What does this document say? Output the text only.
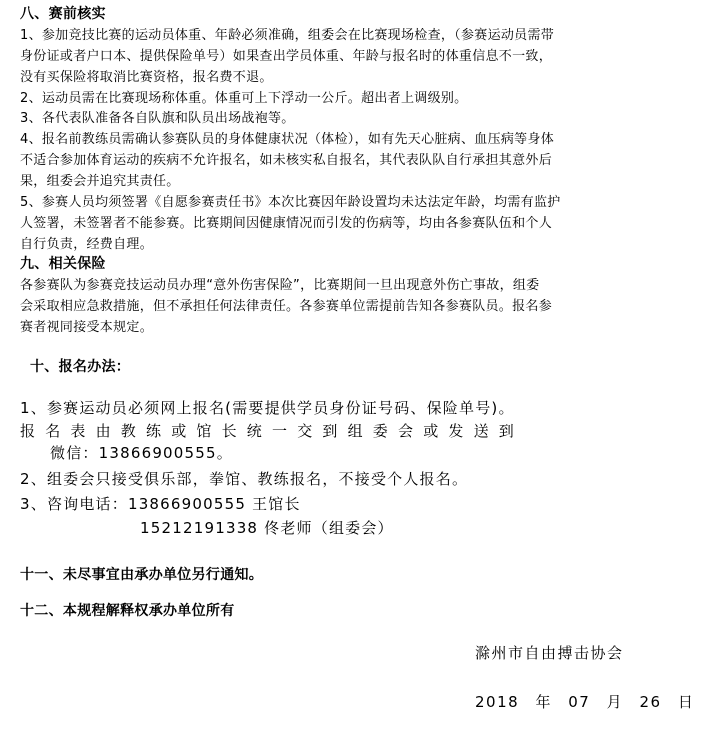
八、赛前核实
1、参加竞技比赛的运动员体重、年龄必须准确，组委会在比赛现场检查，（参赛运动员需带
身份证或者户口本、提供保险单号）如果查出学员体重、年龄与报名时的体重信息不一致，
没有买保险将取消比赛资格，报名费不退。
2、运动员需在比赛现场称体重。体重可上下浮动一公斤。超出者上调级别。
3、各代表队准备各自队旗和队员出场战袍等。
4、报名前教练员需确认参赛队员的身体健康状况（体检），如有先天心脏病、血压病等身体
不适合参加体育运动的疾病不允许报名，如未核实私自报名，其代表队队自行承担其意外后
果，组委会并追究其责任。
5、参赛人员均须签署《自愿参赛责任书》本次比赛因年龄设置均未达法定年龄，均需有监护
人签署，未签署者不能参赛。比赛期间因健康情况而引发的伤病等，均由各参赛队伍和个人
自行负责，经费自理。
九、相关保险
各参赛队为参赛竞技运动员办理“意外伤害保险”，比赛期间一旦出现意外伤亡事故，组委
会采取相应急救措施，但不承担任何法律责任。各参赛单位需提前告知各参赛队员。报名参
赛者视同接受本规定。
十、报名办法：
1、参赛运动员必须网上报名(需要提供学员身份证号码、保险单号)。
报名表由教练或馆长统一交到组委会或发送到
微信：13866900555。
2、组委会只接受俱乐部，拳馆、教练报名，不接受个人报名。
3、咨询电话：13866900555 王馆长
15212191338 佟老师（组委会）
十一、未尽事宜由承办单位另行通知。
十二、本规程解释权承办单位所有
滁州市自由搏击协会
2018 年 07 月 26 日
